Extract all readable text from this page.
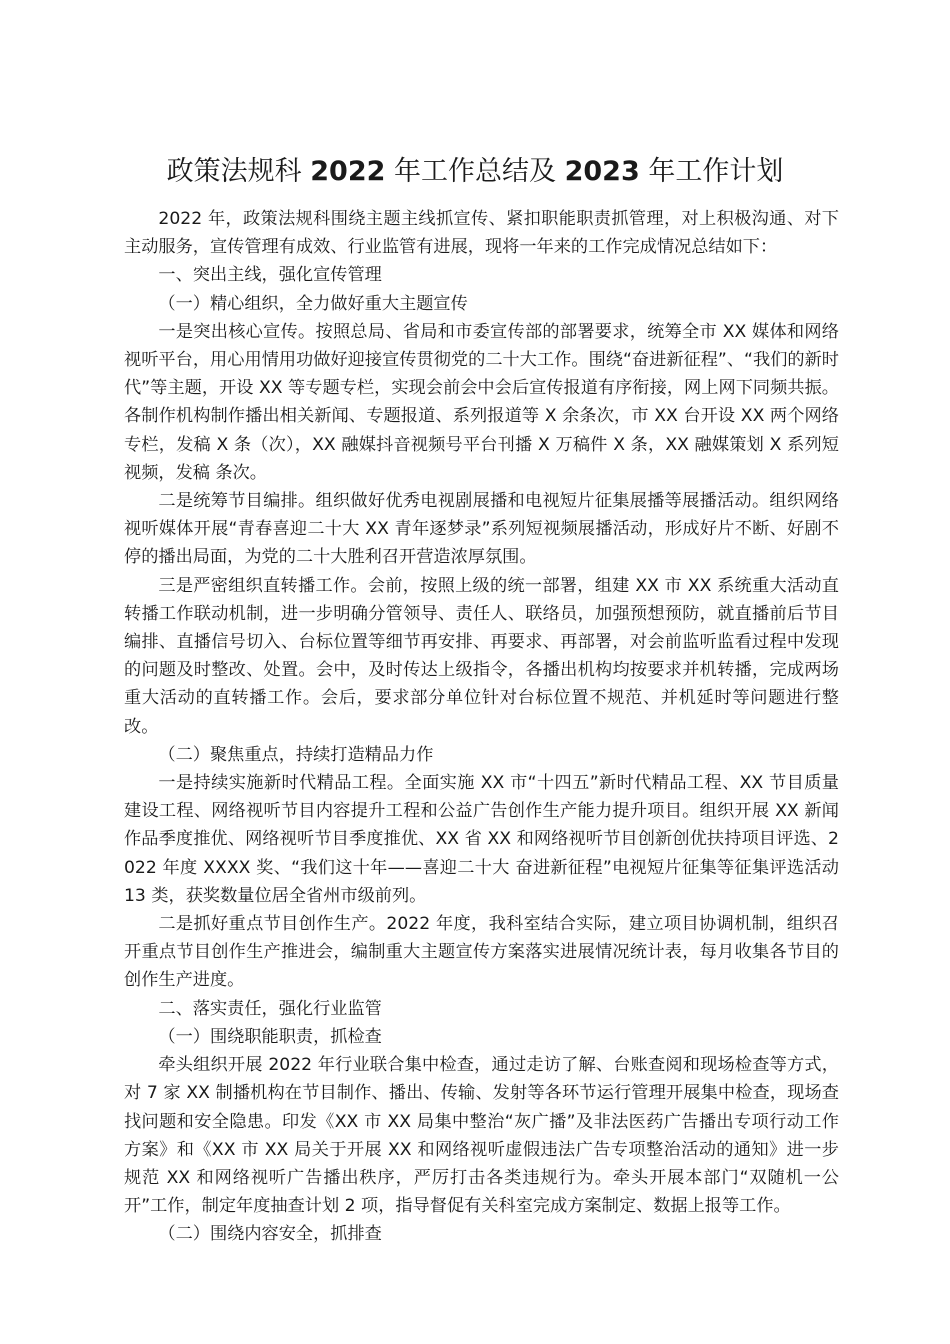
政策法规科 2022 年工作总结及 2023 年工作计划

2022 年，政策法规科围绕主题主线抓宣传、紧扣职能职责抓管理，对上积极沟通、对下主动服务，宣传管理有成效、行业监管有进展，现将一年来的工作完成情况总结如下：

一、突出主线，强化宣传管理

（一）精心组织，全力做好重大主题宣传

一是突出核心宣传。按照总局、省局和市委宣传部的部署要求，统筹全市 XX 媒体和网络视听平台，用心用情用功做好迎接宣传贯彻党的二十大工作。围绕“奋进新征程”、“我们的新时代”等主题，开设 XX 等专题专栏，实现会前会中会后宣传报道有序衔接，网上网下同频共振。各制作机构制作播出相关新闻、专题报道、系列报道等 X 余条次，市 XX 台开设 XX 两个网络专栏，发稿 X 条（次），XX 融媒抖音视频号平台刊播 X 万稿件 X 条，XX 融媒策划 X 系列短视频，发稿 条次。

二是统筹节目编排。组织做好优秀电视剧展播和电视短片征集展播等展播活动。组织网络视听媒体开展“青春喜迎二十大 XX 青年逐梦录”系列短视频展播活动，形成好片不断、好剧不停的播出局面，为党的二十大胜利召开营造浓厚氛围。

三是严密组织直转播工作。会前，按照上级的统一部署，组建 XX 市 XX 系统重大活动直转播工作联动机制，进一步明确分管领导、责任人、联络员，加强预想预防，就直播前后节目编排、直播信号切入、台标位置等细节再安排、再要求、再部署，对会前监听监看过程中发现的问题及时整改、处置。会中，及时传达上级指令，各播出机构均按要求并机转播，完成两场重大活动的直转播工作。会后，要求部分单位针对台标位置不规范、并机延时等问题进行整改。

（二）聚焦重点，持续打造精品力作

一是持续实施新时代精品工程。全面实施 XX 市“十四五”新时代精品工程、XX 节目质量建设工程、网络视听节目内容提升工程和公益广告创作生产能力提升项目。组织开展 XX 新闻作品季度推优、网络视听节目季度推优、XX 省 XX 和网络视听节目创新创优扶持项目评选、2022 年度 XXXX 奖、“我们这十年——喜迎二十大 奋进新征程”电视短片征集等征集评选活动 13 类，获奖数量位居全省州市级前列。

二是抓好重点节目创作生产。2022 年度，我科室结合实际，建立项目协调机制，组织召开重点节目创作生产推进会，编制重大主题宣传方案落实进展情况统计表，每月收集各节目的创作生产进度。

二、落实责任，强化行业监管

（一）围绕职能职责，抓检查

牵头组织开展 2022 年行业联合集中检查，通过走访了解、台账查阅和现场检查等方式，对 7 家 XX 制播机构在节目制作、播出、传输、发射等各环节运行管理开展集中检查，现场查找问题和安全隐患。印发《XX 市 XX 局集中整治“灰广播”及非法医药广告播出专项行动工作方案》和《XX 市 XX 局关于开展 XX 和网络视听虚假违法广告专项整治活动的通知》进一步规范 XX 和网络视听广告播出秩序，严厉打击各类违规行为。牵头开展本部门“双随机一公开”工作，制定年度抽查计划 2 项，指导督促有关科室完成方案制定、数据上报等工作。

（二）围绕内容安全，抓排查
